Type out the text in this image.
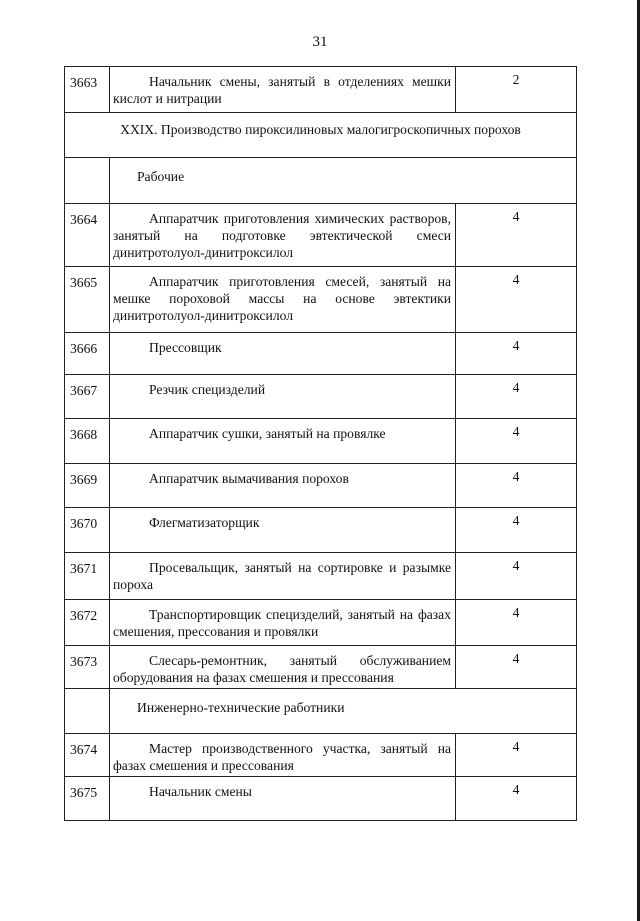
31
3663	Начальник смены, занятый в отделениях мешки кислот и нитрации	2
XXIX. Производство пироксилиновых малогигроскопичных порохов		
	Рабочие	
3664	Аппаратчик приготовления химических растворов, занятый на подготовке эвтектической смеси динитротолуол-динитроксилол	4
3665	Аппаратчик приготовления смесей, занятый на мешке пороховой массы на основе эвтектики динитротолуол-динитроксилол	4
3666	Прессовщик	4
3667	Резчик специзделий	4
3668	Аппаратчик сушки, занятый на провялке	4
3669	Аппаратчик вымачивания порохов	4
3670	Флегматизаторщик	4
3671	Просевальщик, занятый на сортировке и разымке пороха	4
3672	Транспортировщик специзделий, занятый на фазах смешения, прессования и провялки	4
3673	Слесарь-ремонтник, занятый обслуживанием оборудования на фазах смешения и прессования	4
	Инженерно-технические работники	
3674	Мастер производственного участка, занятый на фазах смешения и прессования	4
3675	Начальник смены	4
